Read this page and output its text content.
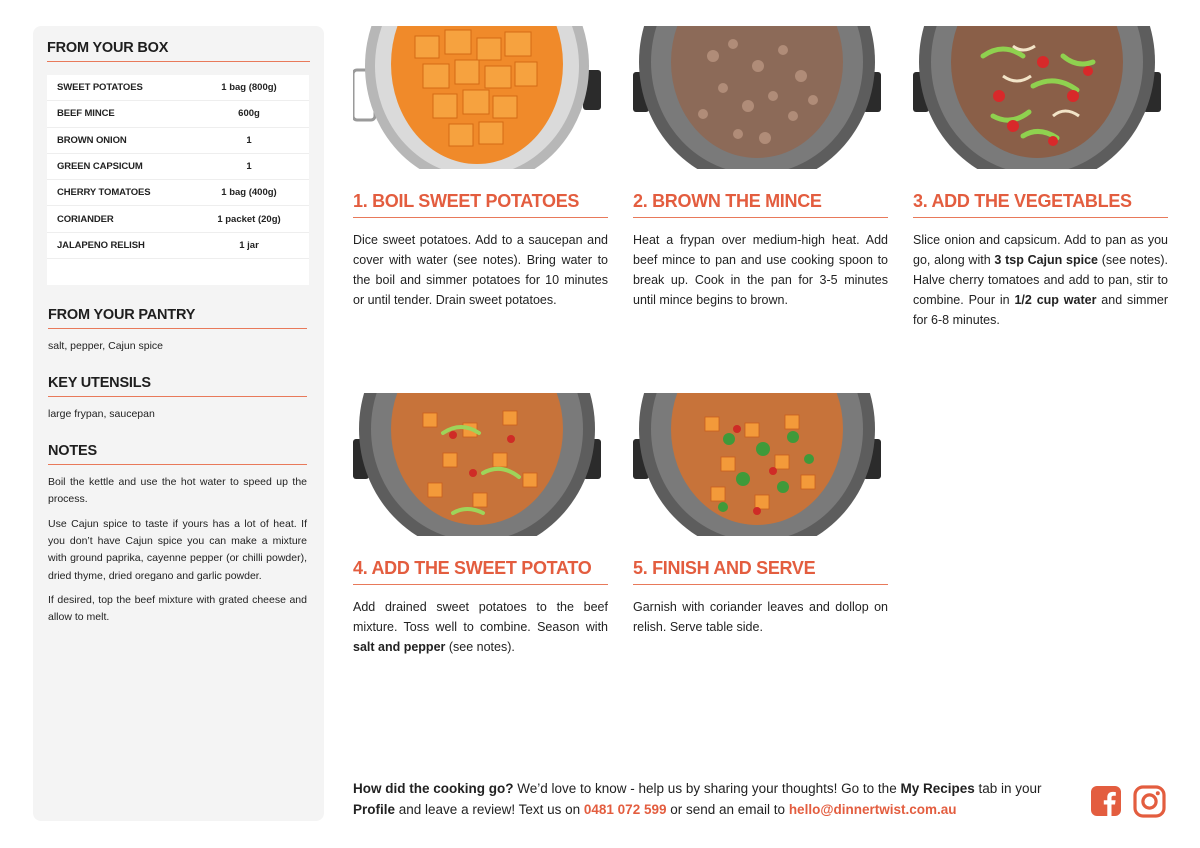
FROM YOUR BOX
SWEET POTATOES	1 bag (800g)
BEEF MINCE	600g
BROWN ONION	1
GREEN CAPSICUM	1
CHERRY TOMATOES	1 bag (400g)
CORIANDER	1 packet (20g)
JALAPENO RELISH	1 jar
FROM YOUR PANTRY
salt, pepper, Cajun spice
KEY UTENSILS
large frypan, saucepan
NOTES

Boil the kettle and use the hot water to speed up the process.

Use Cajun spice to taste if yours has a lot of heat. If you don’t have Cajun spice you can make a mixture with ground paprika, cayenne pepper (or chilli powder), dried thyme, dried oregano and garlic powder.

If desired, top the beef mixture with grated cheese and allow to melt.

1. BOIL SWEET POTATOES
Dice sweet potatoes. Add to a saucepan and cover with water (see notes). Bring water to the boil and simmer potatoes for 10 minutes or until tender. Drain sweet potatoes.
2. BROWN THE MINCE
Heat a frypan over medium-high heat. Add beef mince to pan and use cooking spoon to break up. Cook in the pan for 3-5 minutes until mince begins to brown.
3. ADD THE VEGETABLES
Slice onion and capsicum. Add to pan as you go, along with 3 tsp Cajun spice (see notes). Halve cherry tomatoes and add to pan, stir to combine. Pour in 1/2 cup water and simmer for 6-8 minutes.
4. ADD THE SWEET POTATO
Add drained sweet potatoes to the beef mixture. Toss well to combine. Season with salt and pepper (see notes).
5. FINISH AND SERVE
Garnish with coriander leaves and dollop on relish. Serve table side.
How did the cooking go? We’d love to know - help us by sharing your thoughts! Go to the My Recipes tab in your Profile and leave a review! Text us on 0481 072 599 or send an email to hello@dinnertwist.com.au
